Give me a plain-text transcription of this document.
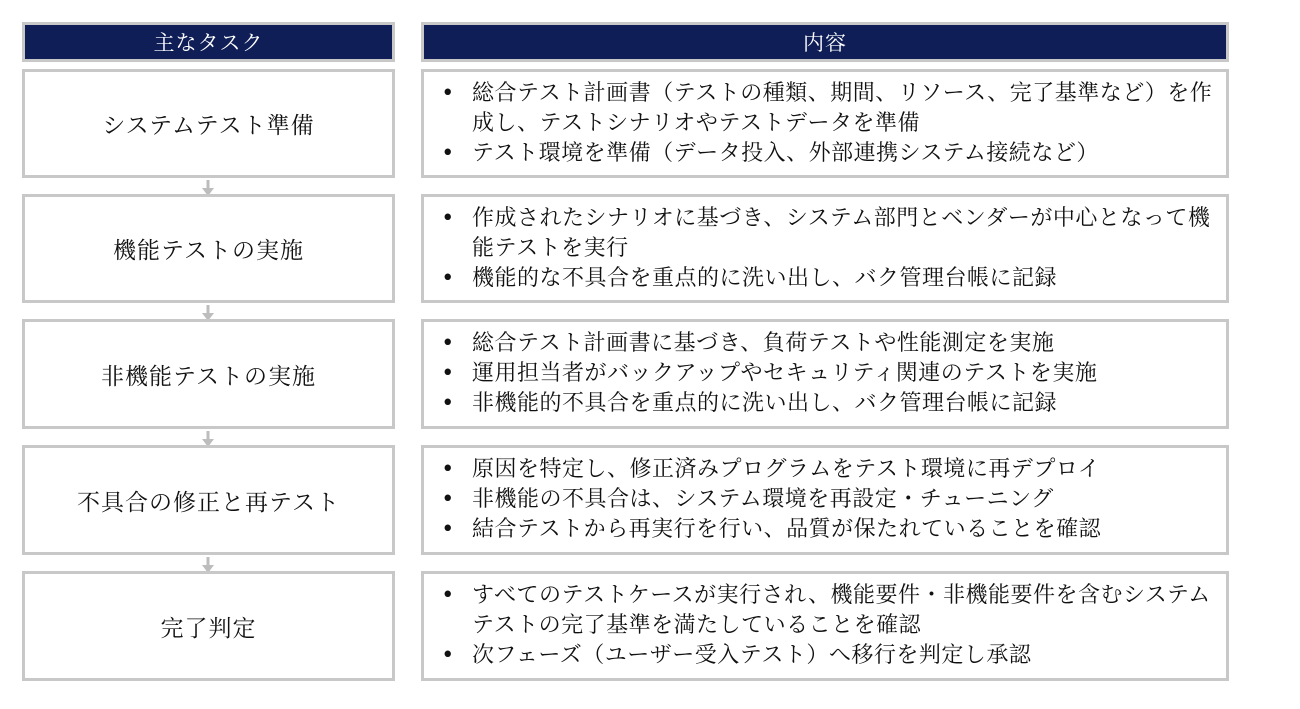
主なタスク	内容
システムテスト準備
• 総合テスト計画書（テストの種類、期間、リソース、完了基準など）を作成し、テストシナリオやテストデータを準備
• テスト環境を準備（データ投入、外部連携システム接続など）
機能テストの実施
• 作成されたシナリオに基づき、システム部門とベンダーが中心となって機能テストを実行
• 機能的な不具合を重点的に洗い出し、バク管理台帳に記録
非機能テストの実施
• 総合テスト計画書に基づき、負荷テストや性能測定を実施
• 運用担当者がバックアップやセキュリティ関連のテストを実施
• 非機能的不具合を重点的に洗い出し、バク管理台帳に記録
不具合の修正と再テスト
• 原因を特定し、修正済みプログラムをテスト環境に再デプロイ
• 非機能の不具合は、システム環境を再設定・チューニング
• 結合テストから再実行を行い、品質が保たれていることを確認
完了判定
• すべてのテストケースが実行され、機能要件・非機能要件を含むシステムテストの完了基準を満たしていることを確認
• 次フェーズ（ユーザー受入テスト）へ移行を判定し承認
